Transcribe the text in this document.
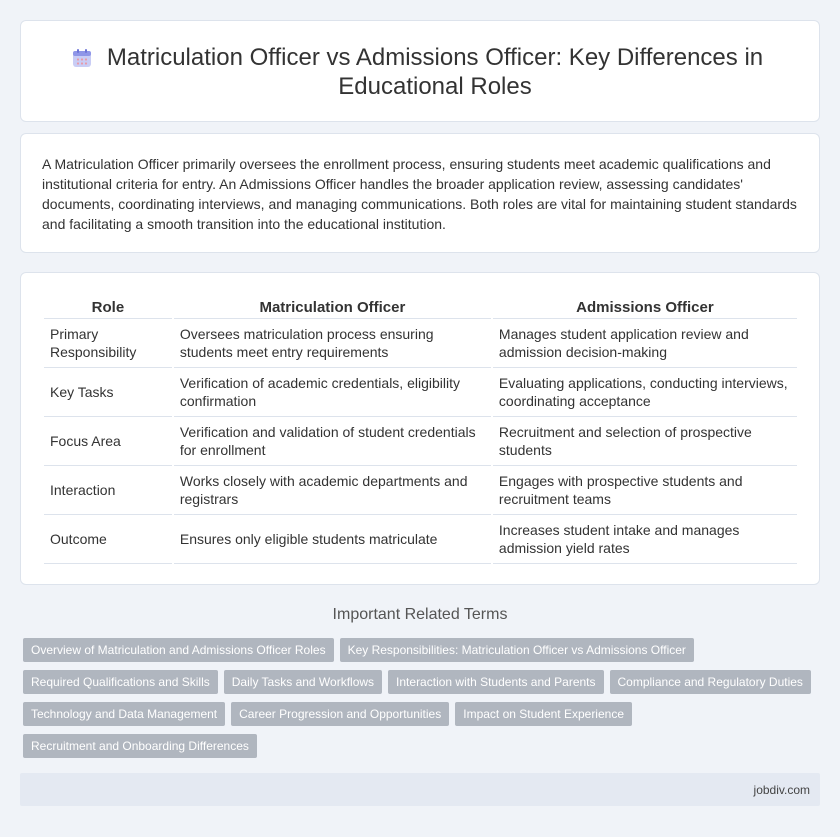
Matriculation Officer vs Admissions Officer: Key Differences in Educational Roles

A Matriculation Officer primarily oversees the enrollment process, ensuring students meet academic qualifications and institutional criteria for entry. An Admissions Officer handles the broader application review, assessing candidates' documents, coordinating interviews, and managing communications. Both roles are vital for maintaining student standards and facilitating a smooth transition into the educational institution.

Role	Matriculation Officer	Admissions Officer
Primary Responsibility	Oversees matriculation process ensuring students meet entry requirements	Manages student application review and admission decision-making
Key Tasks	Verification of academic credentials, eligibility confirmation	Evaluating applications, conducting interviews, coordinating acceptance
Focus Area	Verification and validation of student credentials for enrollment	Recruitment and selection of prospective students
Interaction	Works closely with academic departments and registrars	Engages with prospective students and recruitment teams
Outcome	Ensures only eligible students matriculate	Increases student intake and manages admission yield rates
Important Related Terms
Overview of Matriculation and Admissions Officer Roles	Key Responsibilities: Matriculation Officer vs Admissions Officer
Required Qualifications and Skills	Daily Tasks and Workflows	Interaction with Students and Parents	Compliance and Regulatory Duties
Technology and Data Management	Career Progression and Opportunities	Impact on Student Experience
Recruitment and Onboarding Differences
jobdiv.com
